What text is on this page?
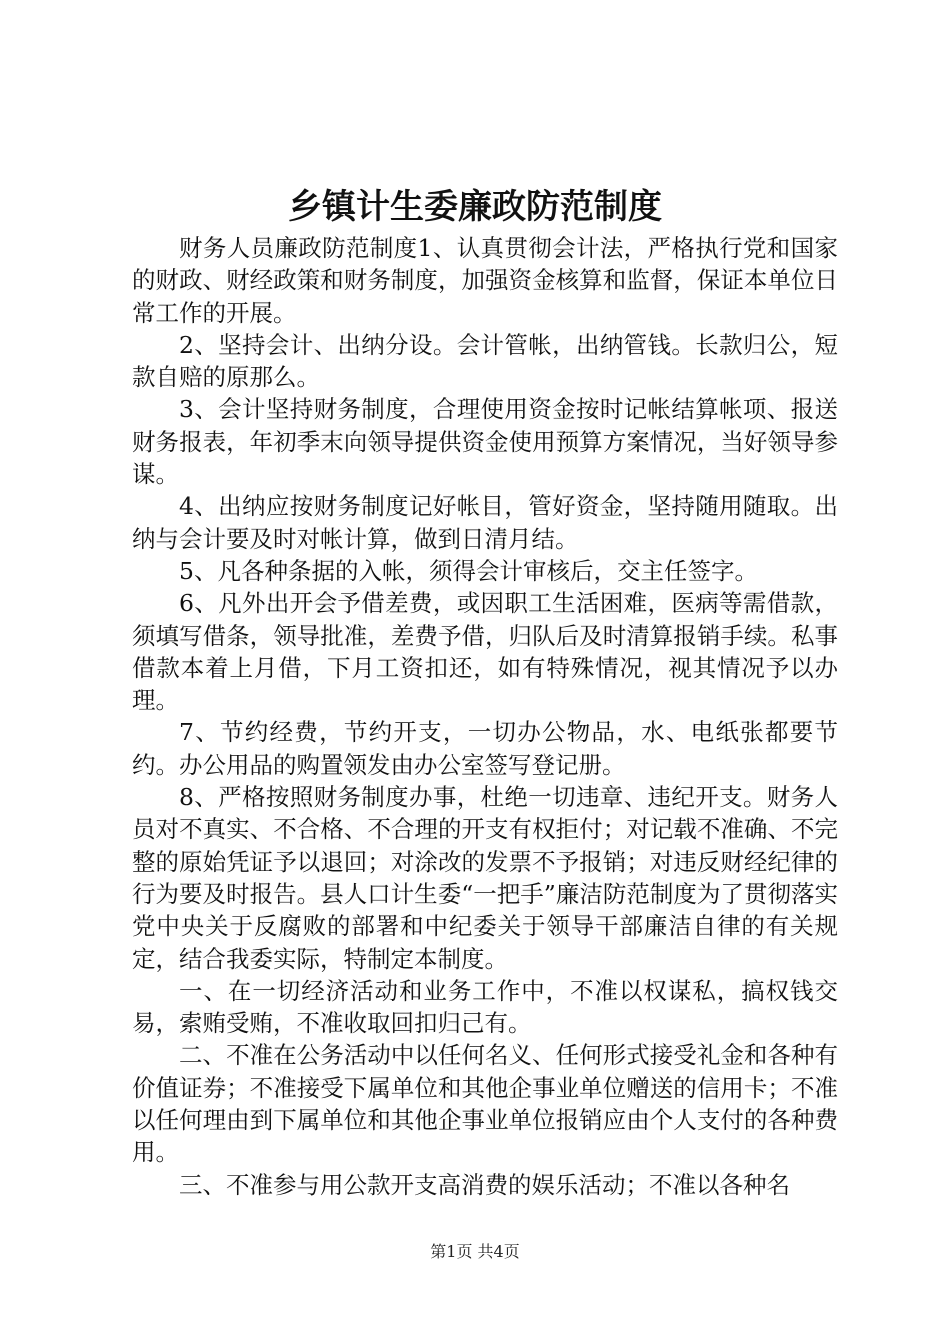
乡镇计生委廉政防范制度

财务人员廉政防范制度1、认真贯彻会计法，严格执行党和国家的财政、财经政策和财务制度，加强资金核算和监督，保证本单位日常工作的开展。

2、坚持会计、出纳分设。会计管帐，出纳管钱。长款归公，短款自赔的原那么。

3、会计坚持财务制度，合理使用资金按时记帐结算帐项、报送财务报表，年初季末向领导提供资金使用预算方案情况，当好领导参谋。

4、出纳应按财务制度记好帐目，管好资金，坚持随用随取。出纳与会计要及时对帐计算，做到日清月结。

5、凡各种条据的入帐，须得会计审核后，交主任签字。

6、凡外出开会予借差费，或因职工生活困难，医病等需借款，须填写借条，领导批准，差费予借，归队后及时清算报销手续。私事借款本着上月借，下月工资扣还，如有特殊情况，视其情况予以办理。

7、节约经费，节约开支，一切办公物品，水、电纸张都要节约。办公用品的购置领发由办公室签写登记册。

8、严格按照财务制度办事，杜绝一切违章、违纪开支。财务人员对不真实、不合格、不合理的开支有权拒付；对记载不准确、不完整的原始凭证予以退回；对涂改的发票不予报销；对违反财经纪律的行为要及时报告。县人口计生委“一把手”廉洁防范制度为了贯彻落实党中央关于反腐败的部署和中纪委关于领导干部廉洁自律的有关规定，结合我委实际，特制定本制度。

一、在一切经济活动和业务工作中，不准以权谋私，搞权钱交易，索贿受贿，不准收取回扣归己有。

二、不准在公务活动中以任何名义、任何形式接受礼金和各种有价值证券；不准接受下属单位和其他企事业单位赠送的信用卡；不准以任何理由到下属单位和其他企事业单位报销应由个人支付的各种费用。

三、不准参与用公款开支高消费的娱乐活动；不准以各种名

第1页 共4页
